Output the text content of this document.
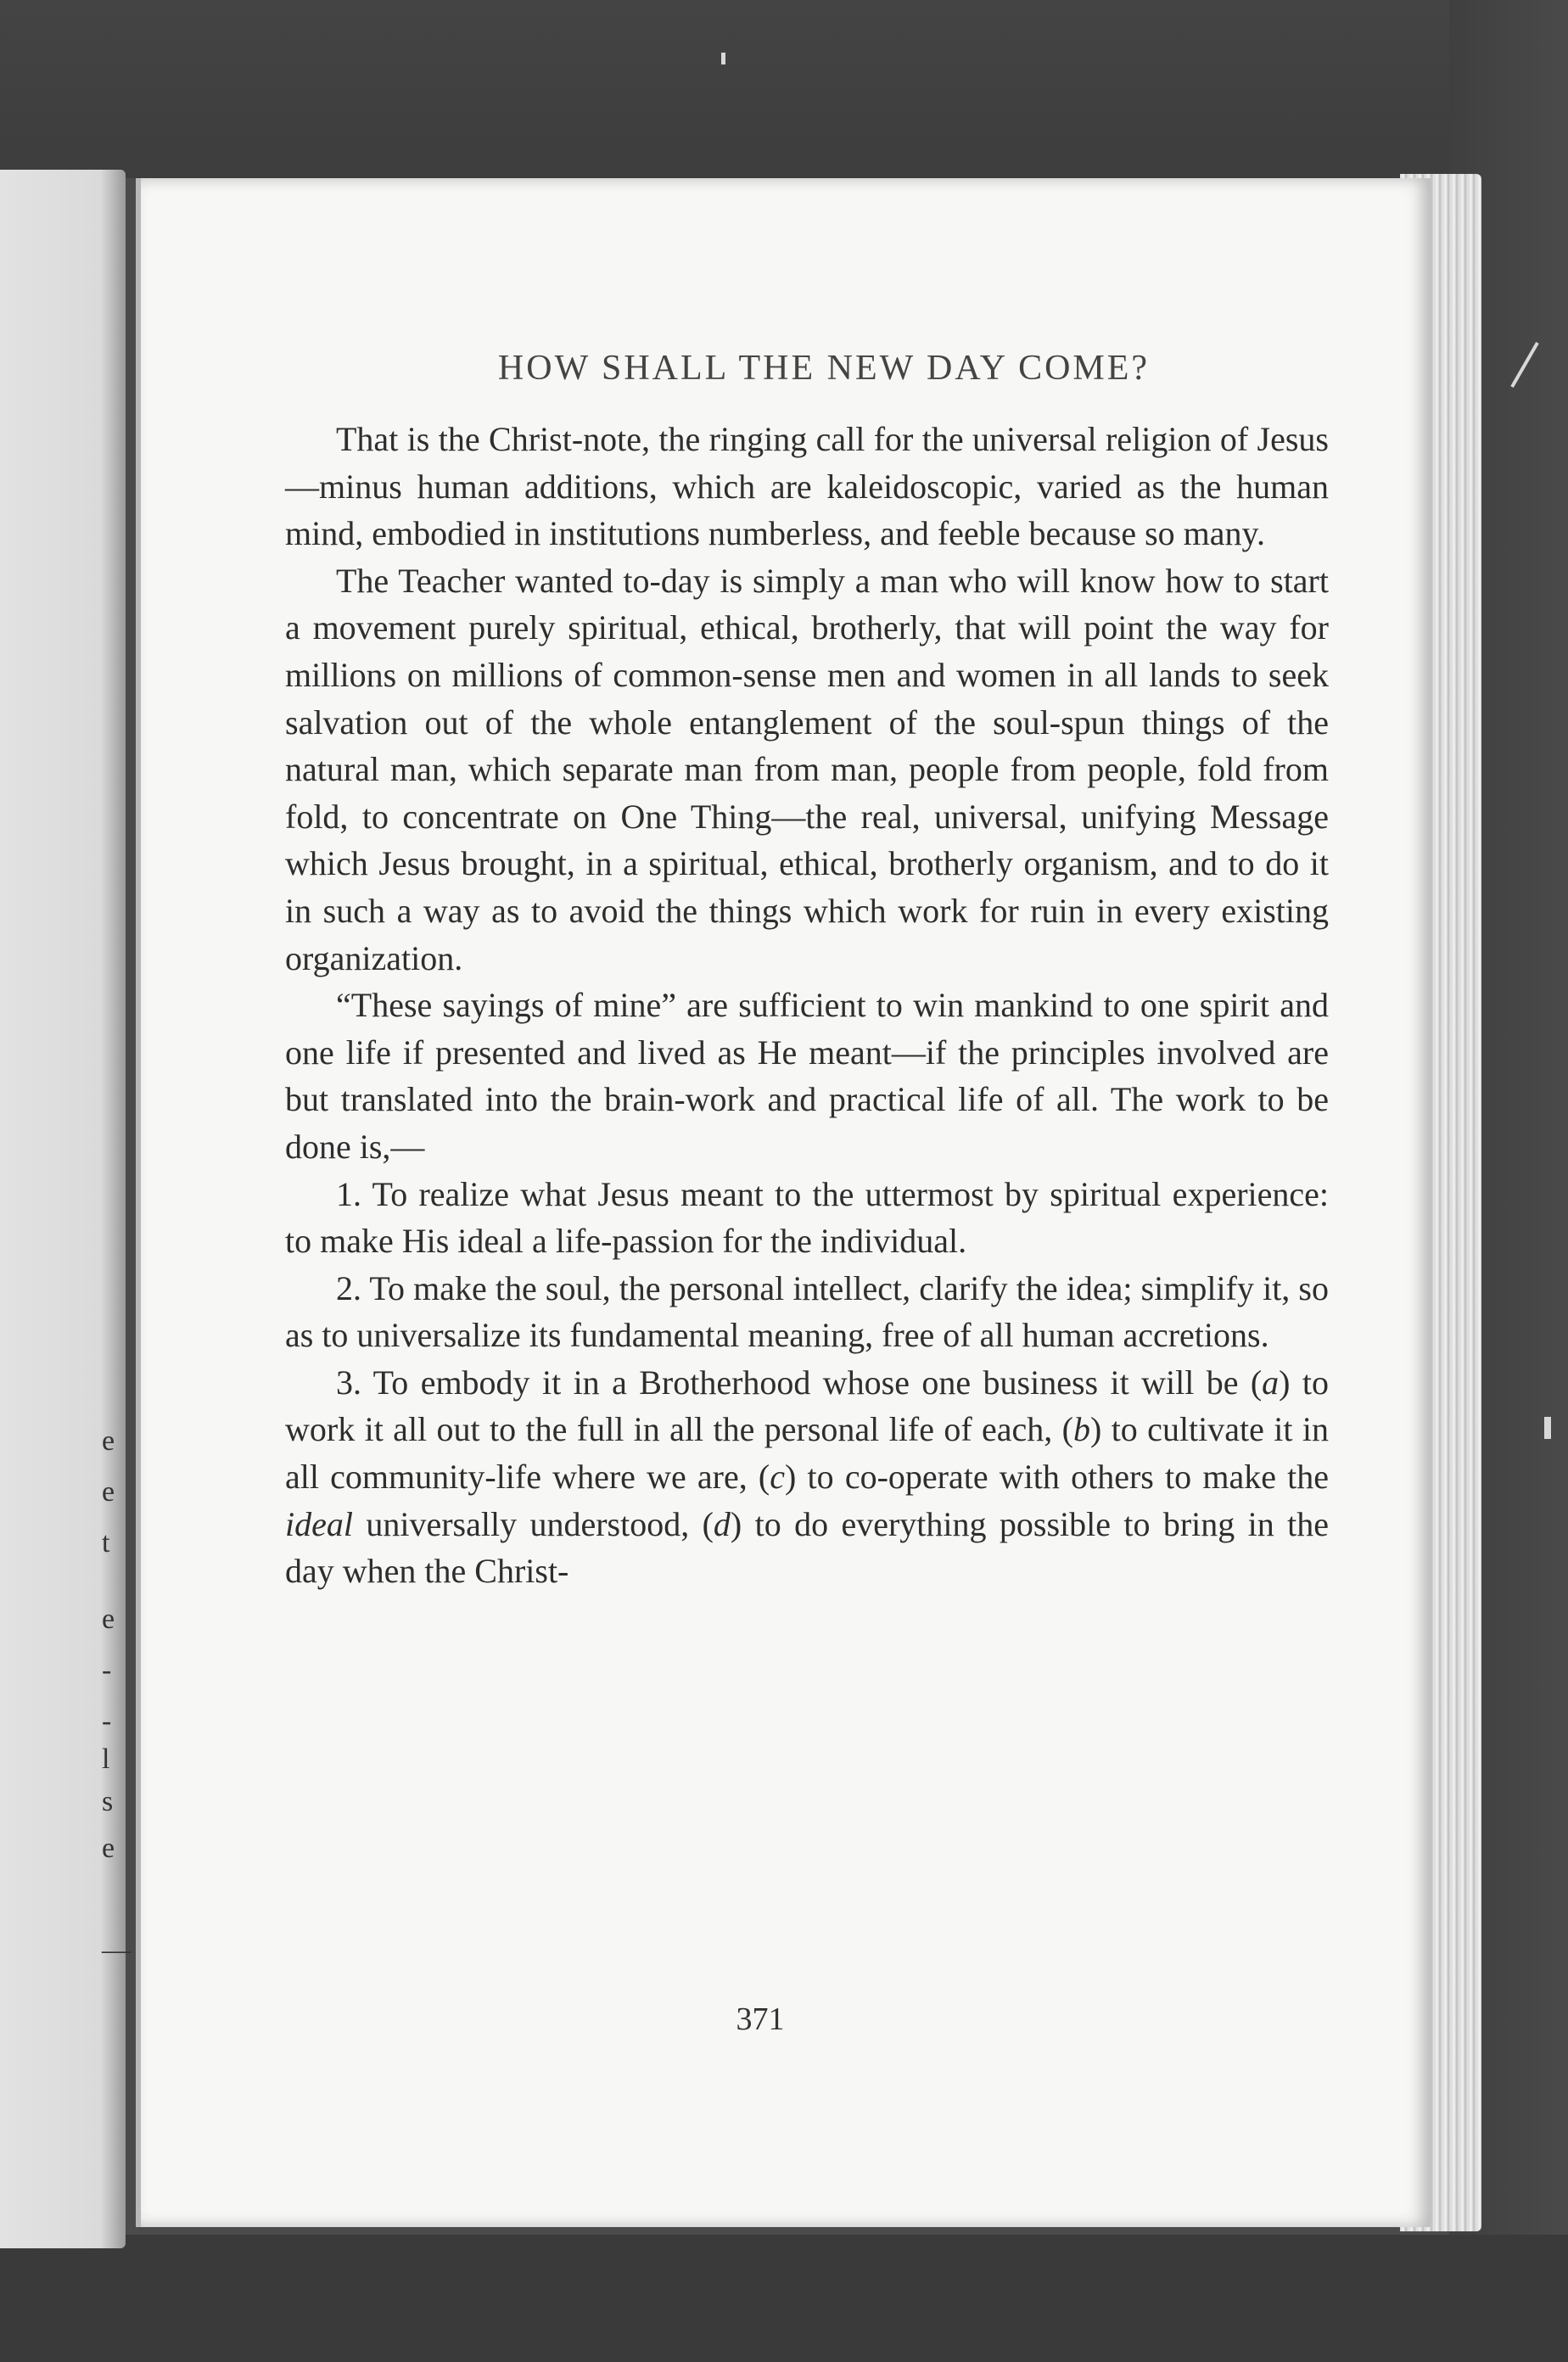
e
e
t
e
-
-
l
s
e
—
HOW SHALL THE NEW DAY COME?

That is the Christ-note, the ringing call for the universal religion of Jesus—minus human additions, which are kaleidoscopic, varied as the human mind, embodied in institutions numberless, and feeble because so many.

The Teacher wanted to-day is simply a man who will know how to start a movement purely spiritual, ethical, brotherly, that will point the way for millions on millions of common-sense men and women in all lands to seek salvation out of the whole entanglement of the soul-spun things of the natural man, which separate man from man, people from people, fold from fold, to concentrate on One Thing—the real, universal, unifying Message which Jesus brought, in a spiritual, ethical, brotherly organism, and to do it in such a way as to avoid the things which work for ruin in every existing organization.

“These sayings of mine” are sufficient to win mankind to one spirit and one life if presented and lived as He meant—if the principles involved are but translated into the brain-work and practical life of all. The work to be done is,—

1. To realize what Jesus meant to the uttermost by spiritual experience: to make His ideal a life-passion for the individual.

2. To make the soul, the personal intellect, clarify the idea; simplify it, so as to universalize its fundamental meaning, free of all human accretions.

3. To embody it in a Brotherhood whose one business it will be (a) to work it all out to the full in all the personal life of each, (b) to cultivate it in all community-life where we are, (c) to co-operate with others to make the ideal universally understood, (d) to do everything possible to bring in the day when the Christ-

371
